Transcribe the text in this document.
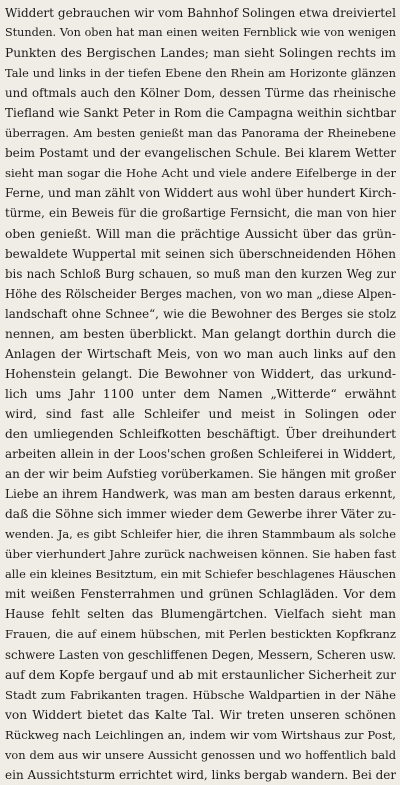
Widdert gebrauchen wir vom Bahnhof Solingen etwa dreiviertel
Stunden. Von oben hat man einen weiten Fernblick wie von wenigen
Punkten des Bergischen Landes; man sieht Solingen rechts im
Tale und links in der tiefen Ebene den Rhein am Horizonte glänzen
und oftmals auch den Kölner Dom, dessen Türme das rheinische
Tiefland wie Sankt Peter in Rom die Campagna weithin sichtbar
überragen. Am besten genießt man das Panorama der Rheinebene
beim Postamt und der evangelischen Schule. Bei klarem Wetter
sieht man sogar die Hohe Acht und viele andere Eifelberge in der
Ferne, und man zählt von Widdert aus wohl über hundert Kirch-
türme, ein Beweis für die großartige Fernsicht, die man von hier
oben genießt. Will man die prächtige Aussicht über das grün-
bewaldete Wuppertal mit seinen sich überschneidenden Höhen
bis nach Schloß Burg schauen, so muß man den kurzen Weg zur
Höhe des Rölscheider Berges machen, von wo man „diese Alpen-
landschaft ohne Schnee“, wie die Bewohner des Berges sie stolz
nennen, am besten überblickt. Man gelangt dorthin durch die
Anlagen der Wirtschaft Meis, von wo man auch links auf den
Hohenstein gelangt. Die Bewohner von Widdert, das urkund-
lich ums Jahr 1100 unter dem Namen „Witterde“ erwähnt
wird, sind fast alle Schleifer und meist in Solingen oder
den umliegenden Schleifkotten beschäftigt. Über dreihundert
arbeiten allein in der Loos'schen großen Schleiferei in Widdert,
an der wir beim Aufstieg vorüberkamen. Sie hängen mit großer
Liebe an ihrem Handwerk, was man am besten daraus erkennt,
daß die Söhne sich immer wieder dem Gewerbe ihrer Väter zu-
wenden. Ja, es gibt Schleifer hier, die ihren Stammbaum als solche
über vierhundert Jahre zurück nachweisen können. Sie haben fast
alle ein kleines Besitztum, ein mit Schiefer beschlagenes Häuschen
mit weißen Fensterrahmen und grünen Schlagläden. Vor dem
Hause fehlt selten das Blumengärtchen. Vielfach sieht man
Frauen, die auf einem hübschen, mit Perlen bestickten Kopfkranz
schwere Lasten von geschliffenen Degen, Messern, Scheren usw.
auf dem Kopfe bergauf und ab mit erstaunlicher Sicherheit zur
Stadt zum Fabrikanten tragen. Hübsche Waldpartien in der Nähe
von Widdert bietet das Kalte Tal. Wir treten unseren schönen
Rückweg nach Leichlingen an, indem wir vom Wirtshaus zur Post,
von dem aus wir unsere Aussicht genossen und wo hoffentlich bald
ein Aussichtsturm errichtet wird, links bergab wandern. Bei der
